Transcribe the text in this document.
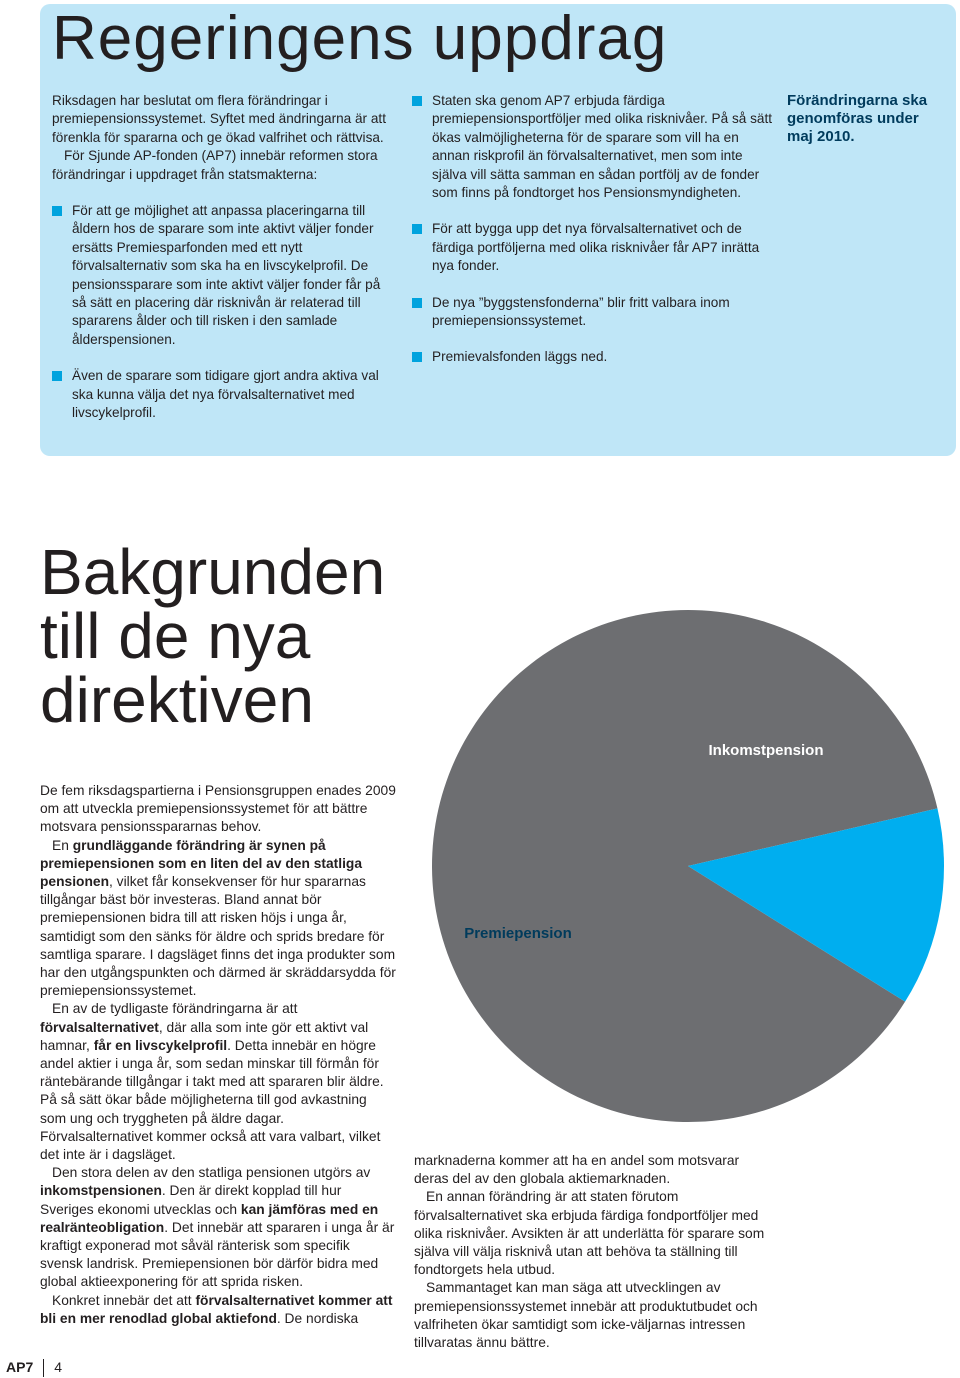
Regeringens uppdrag

Riksdagen har beslutat om flera förändringar i premiepensionssystemet. Syftet med ändringarna är att förenkla för spararna och ge ökad valfrihet och rättvisa.

För Sjunde AP-fonden (AP7) innebär reformen stora förändringar i uppdraget från statsmakterna:

För att ge möjlighet att anpassa placeringarna till åldern hos de sparare som inte aktivt väljer fonder ersätts Premiesparfonden med ett nytt förvalsalternativ som ska ha en livscykelprofil. De pensionssparare som inte aktivt väljer fonder får på så sätt en placering där risknivån är relaterad till spararens ålder och till risken i den samlade ålderspensionen.
Även de sparare som tidigare gjort andra aktiva val ska kunna välja det nya förvalsalternativet med livscykelprofil.
Staten ska genom AP7 erbjuda färdiga premiepensionsportföljer med olika risknivåer. På så sätt ökas valmöjligheterna för de sparare som vill ha en annan riskprofil än förvalsalternativet, men som inte själva vill sätta samman en sådan portfölj av de fonder som finns på fondtorget hos Pensionsmyndigheten.
För att bygga upp det nya förvalsalternativet och de färdiga portföljerna med olika risknivåer får AP7 inrätta nya fonder.
De nya ”byggstensfonderna” blir fritt valbara inom premiepensionssystemet.
Premievalsfonden läggs ned.
Förändringarna ska genomföras under maj 2010.
Bakgrunden
till de nya
direktiven
Inkomstpension
Premiepension

De fem riksdagspartierna i Pensionsgruppen enades 2009 om att utveckla premiepensionssystemet för att bättre motsvara pensionsspararnas behov.

En grundläggande förändring är synen på premiepensionen som en liten del av den statliga pensionen, vilket får konsekvenser för hur spararnas tillgångar bäst bör investeras. Bland annat bör premiepensionen bidra till att risken höjs i unga år, samtidigt som den sänks för äldre och sprids bredare för samtliga sparare. I dagsläget finns det inga produkter som har den utgångspunkten och därmed är skräddarsydda för premiepensionssystemet.

En av de tydligaste förändringarna är att förvalsalternativet, där alla som inte gör ett aktivt val hamnar, får en livscykelprofil. Detta innebär en högre andel aktier i unga år, som sedan minskar till förmån för räntebärande tillgångar i takt med att spararen blir äldre. På så sätt ökar både möjligheterna till god avkastning som ung och tryggheten på äldre dagar. Förvalsalternativet kommer också att vara valbart, vilket det inte är i dagsläget.

Den stora delen av den statliga pensionen utgörs av inkomstpensionen. Den är direkt kopplad till hur Sveriges ekonomi utvecklas och kan jämföras med en realränteobligation. Det innebär att spararen i unga år är kraftigt exponerad mot såväl ränterisk som specifik svensk landrisk. Premiepensionen bör därför bidra med global aktieexponering för att sprida risken.

Konkret innebär det att förvalsalternativet kommer att bli en mer renodlad global aktiefond. De nordiska

marknaderna kommer att ha en andel som motsvarar deras del av den globala aktiemarknaden.

En annan förändring är att staten förutom förvalsalternativet ska erbjuda färdiga fondportföljer med olika risknivåer. Avsikten är att underlätta för sparare som själva vill välja risknivå utan att behöva ta ställning till fondtorgets hela utbud.

Sammantaget kan man säga att utvecklingen av premiepensionssystemet innebär att produktutbudet och valfriheten ökar samtidigt som icke-väljarnas intressen tillvaratas ännu bättre.

AP7 4
